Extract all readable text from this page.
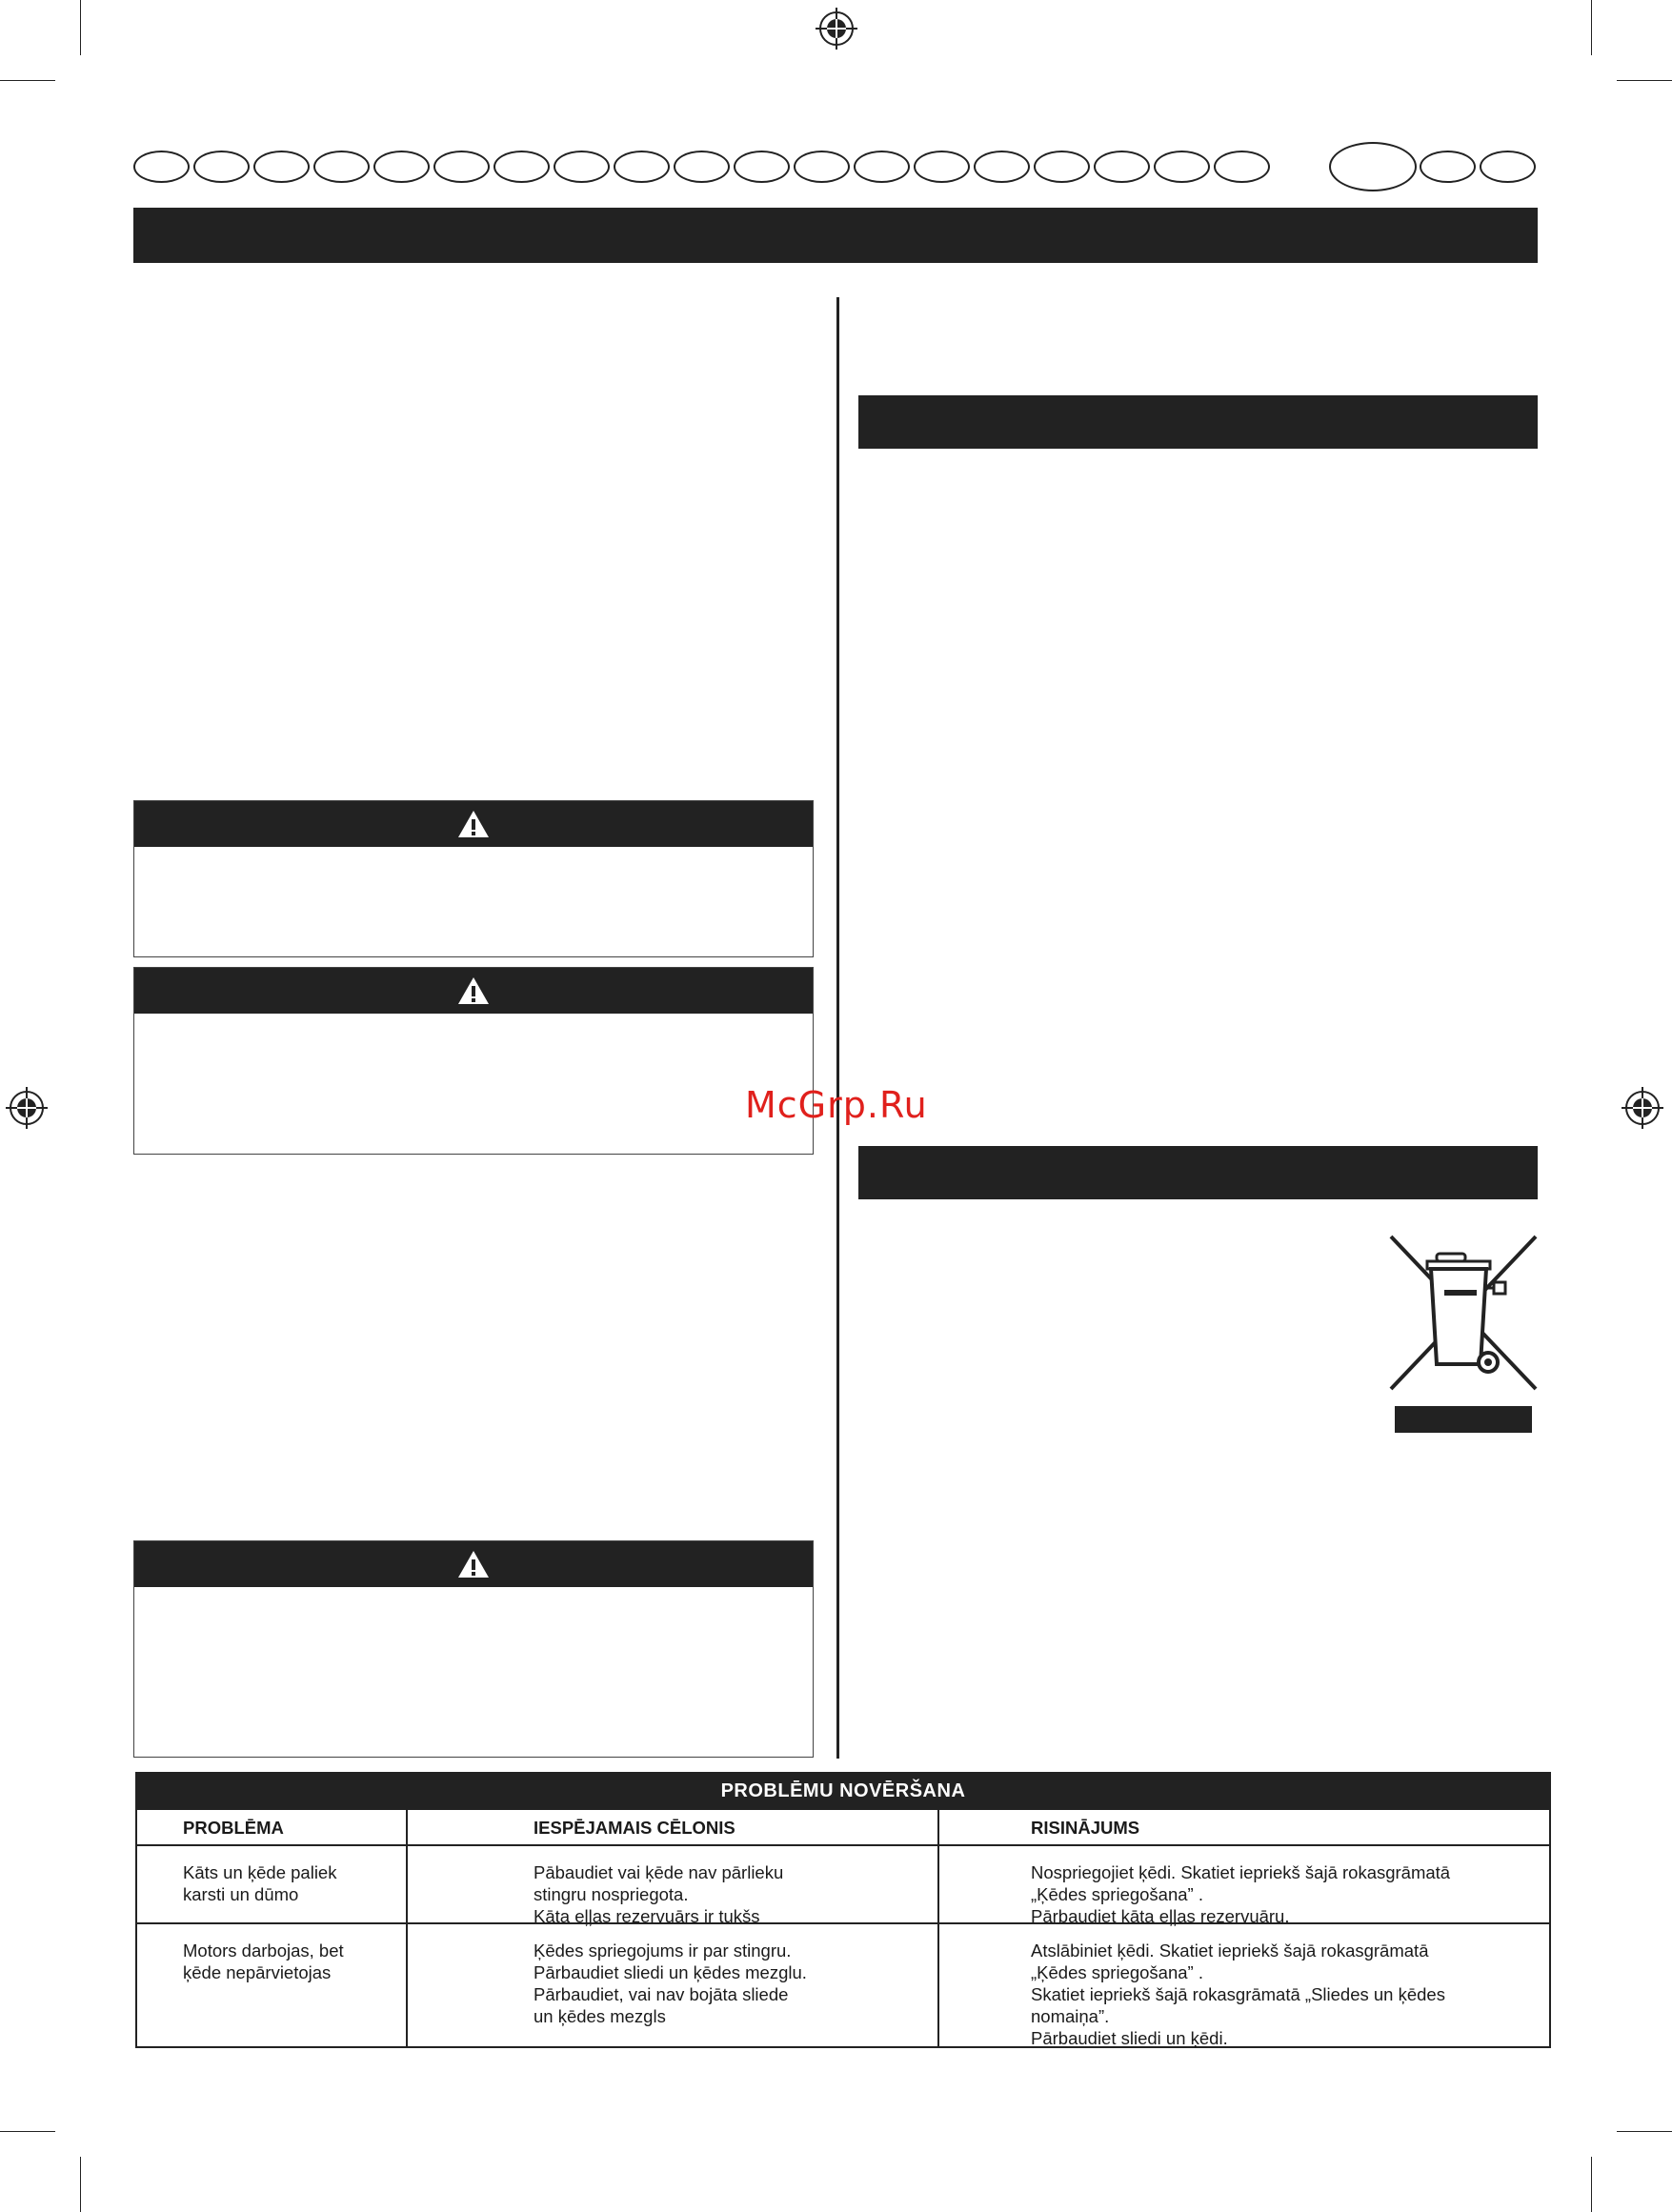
McGrp.Ru
PROBLĒMU NOVĒRŠANA
PROBLĒMA	IESPĒJAMAIS CĒLONIS	RISINĀJUMS
Kāts un ķēde paliek
karsti un dūmo
Pābaudiet vai ķēde nav pārlieku
stingru nospriegota.
Kāta eļļas rezervuārs ir tukšs
Nospriegojiet ķēdi. Skatiet iepriekš šajā rokasgrāmatā
„Ķēdes spriegošana” .
Pārbaudiet kāta eļļas rezervuāru.
Motors darbojas, bet
ķēde nepārvietojas
Ķēdes spriegojums ir par stingru.
Pārbaudiet sliedi un ķēdes mezglu.
Pārbaudiet, vai nav bojāta sliede
un ķēdes mezgls
Atslābiniet ķēdi. Skatiet iepriekš šajā rokasgrāmatā
„Ķēdes spriegošana” .
Skatiet iepriekš šajā rokasgrāmatā „Sliedes un ķēdes
nomaiņa”.
Pārbaudiet sliedi un ķēdi.
